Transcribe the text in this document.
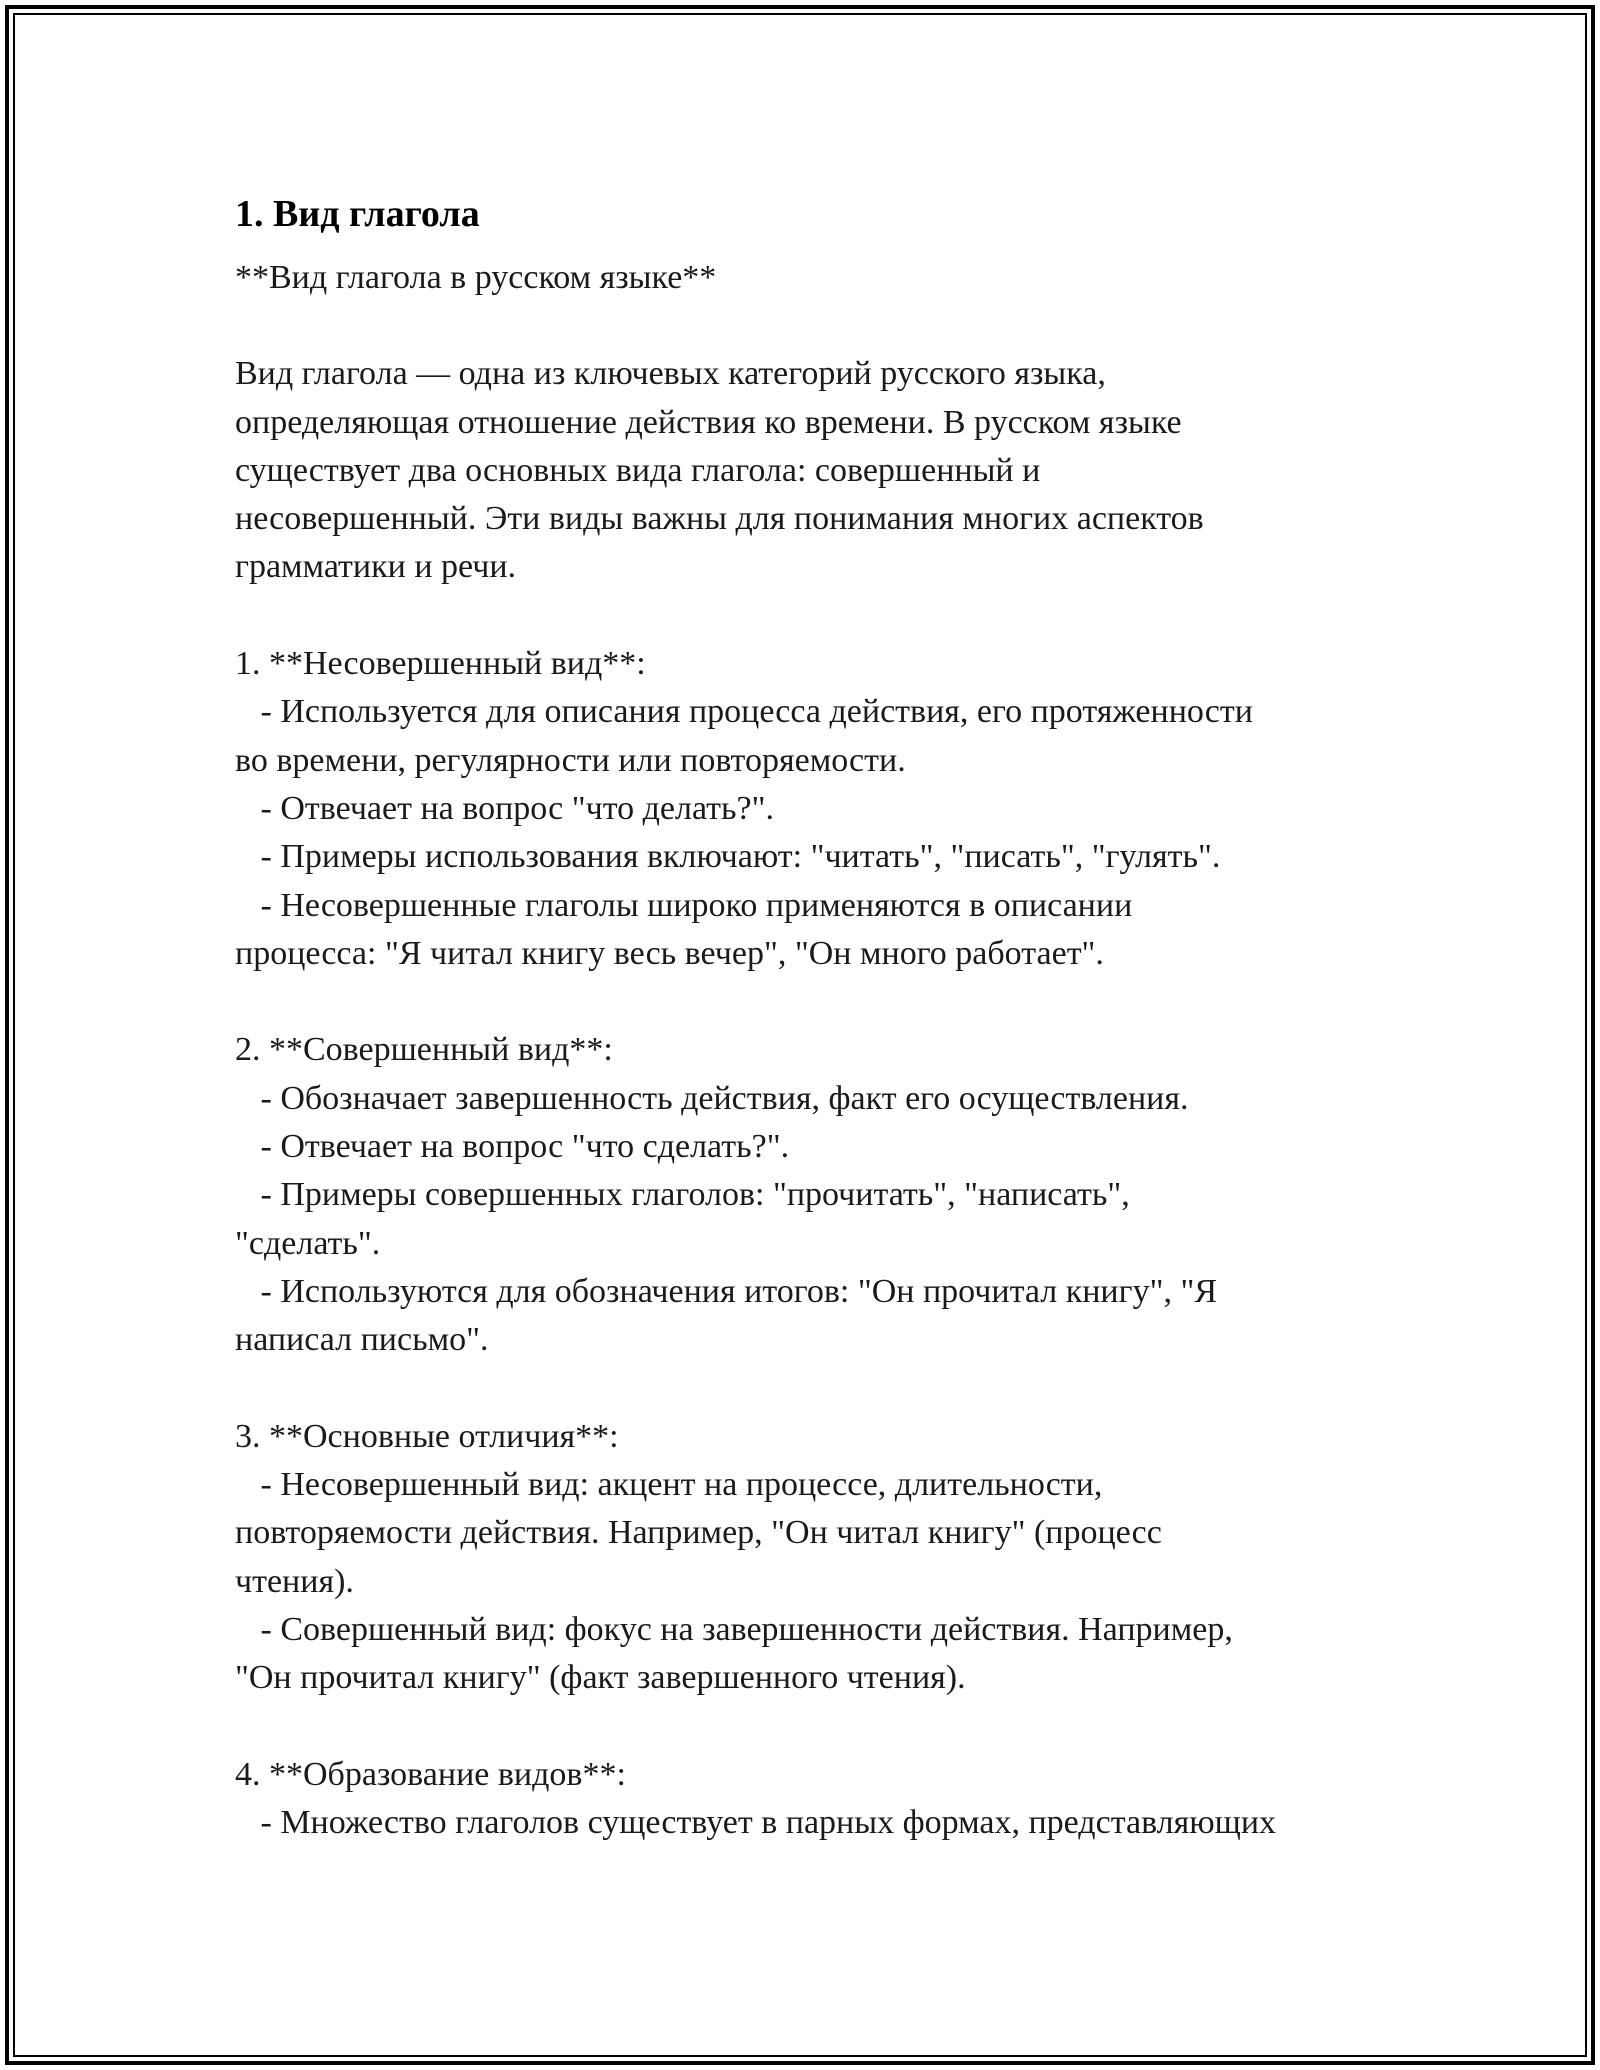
1. Вид глагола

**Вид глагола в русском языке**

Вид глагола — одна из ключевых категорий русского языка,
определяющая отношение действия ко времени. В русском языке
существует два основных вида глагола: совершенный и
несовершенный. Эти виды важны для понимания многих аспектов
грамматики и речи.

1. **Несовершенный вид**:

- Используется для описания процесса действия, его протяженности
во времени, регулярности или повторяемости.

- Отвечает на вопрос "что делать?".

- Примеры использования включают: "читать", "писать", "гулять".

- Несовершенные глаголы широко применяются в описании
процесса: "Я читал книгу весь вечер", "Он много работает".

2. **Совершенный вид**:

- Обозначает завершенность действия, факт его осуществления.

- Отвечает на вопрос "что сделать?".

- Примеры совершенных глаголов: "прочитать", "написать",
"сделать".

- Используются для обозначения итогов: "Он прочитал книгу", "Я
написал письмо".

3. **Основные отличия**:

- Несовершенный вид: акцент на процессе, длительности,
повторяемости действия. Например, "Он читал книгу" (процесс
чтения).

- Совершенный вид: фокус на завершенности действия. Например,
"Он прочитал книгу" (факт завершенного чтения).

4. **Образование видов**:

- Множество глаголов существует в парных формах, представляющих
